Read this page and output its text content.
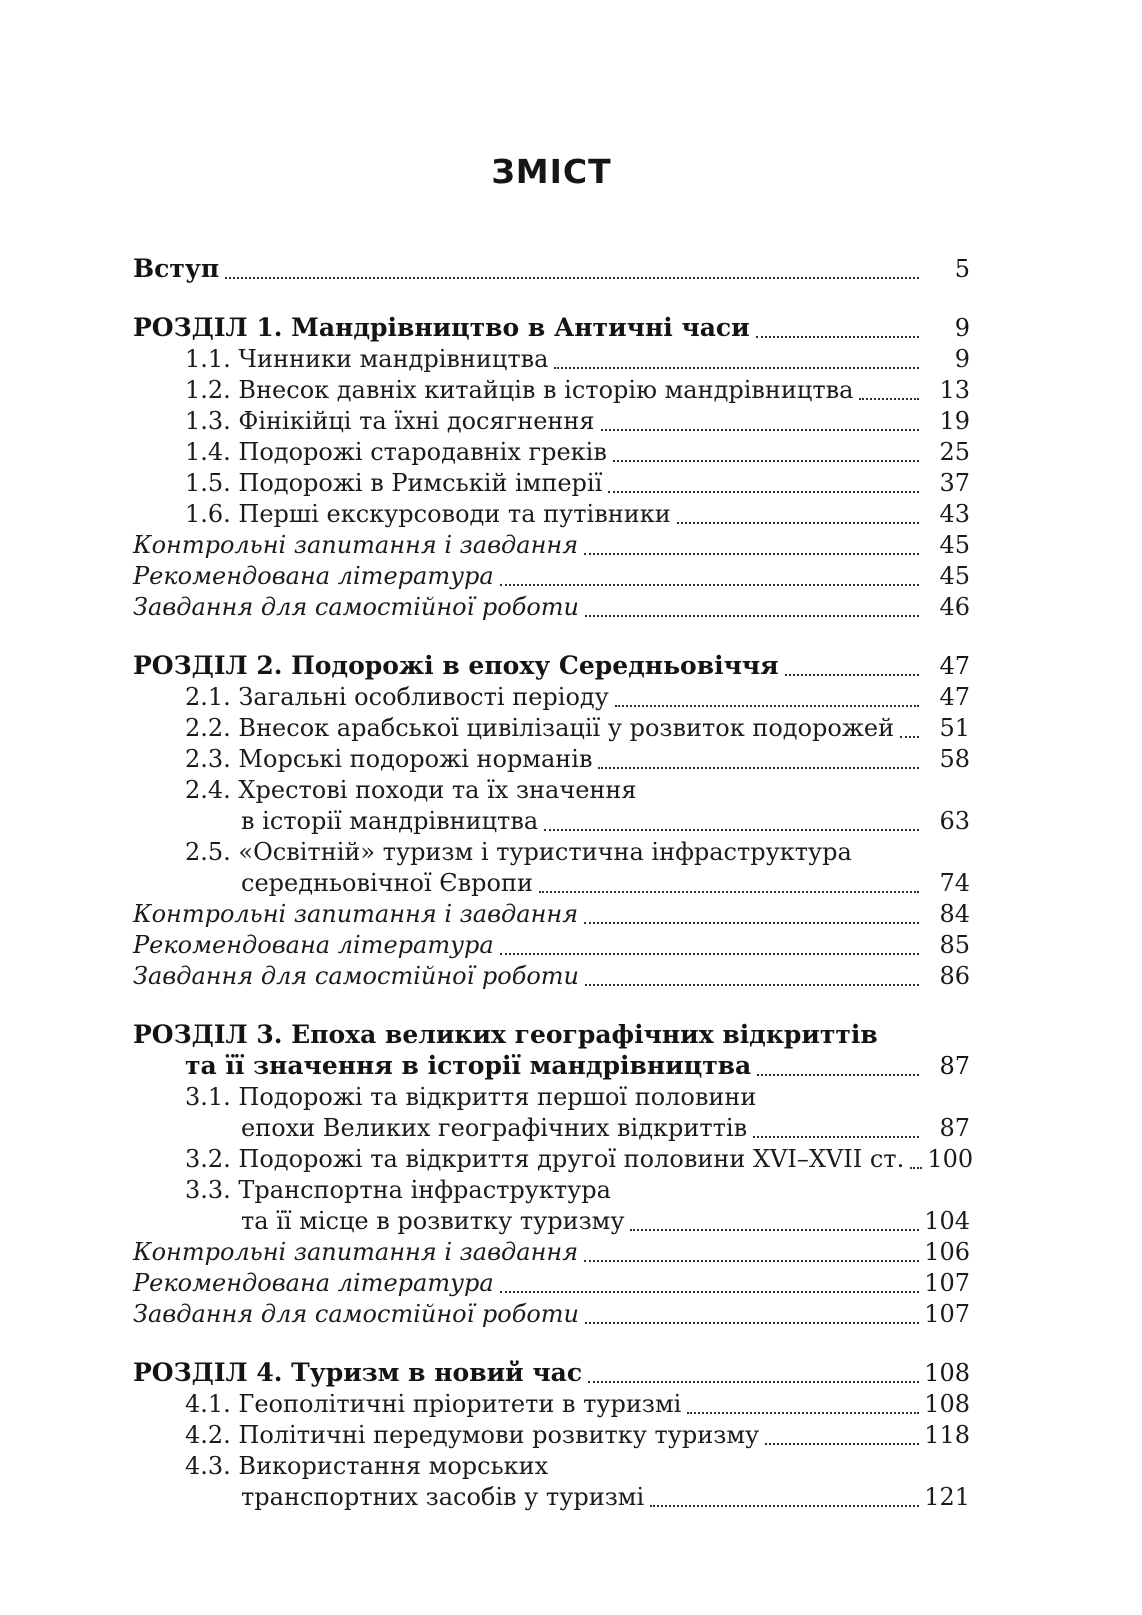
ЗМІСТ
Вступ	5
РОЗДІЛ 1. Мандрівництво в Античні часи	9
1.1. Чинники мандрівництва	9
1.2. Внесок давніх китайців в історію мандрівництва	13
1.3. Фінікійці та їхні досягнення	19
1.4. Подорожі стародавніх греків	25
1.5. Подорожі в Римській імперії	37
1.6. Перші екскурсоводи та путівники	43
Контрольні запитання і завдання	45
Рекомендована література	45
Завдання для самостійної роботи	46
РОЗДІЛ 2. Подорожі в епоху Середньовіччя	47
2.1. Загальні особливості періоду	47
2.2. Внесок арабської цивілізації у розвиток подорожей	51
2.3. Морські подорожі норманів	58
2.4. Хрестові походи та їх значення
в історії мандрівництва	63
2.5. «Освітній» туризм і туристична інфраструктура
середньовічної Європи	74
Контрольні запитання і завдання	84
Рекомендована література	85
Завдання для самостійної роботи	86
РОЗДІЛ 3. Епоха великих географічних відкриттів
та її значення в історії мандрівництва	87
3.1. Подорожі та відкриття першої половини
епохи Великих географічних відкриттів	87
3.2. Подорожі та відкриття другої половини XVI–XVII ст. 100
3.3. Транспортна інфраструктура
та її місце в розвитку туризму	104
Контрольні запитання і завдання	106
Рекомендована література	107
Завдання для самостійної роботи	107
РОЗДІЛ 4. Туризм в новий час	108
4.1. Геополітичні пріоритети в туризмі	108
4.2. Політичні передумови розвитку туризму	118
4.3. Використання морських
транспортних засобів у туризмі	121
